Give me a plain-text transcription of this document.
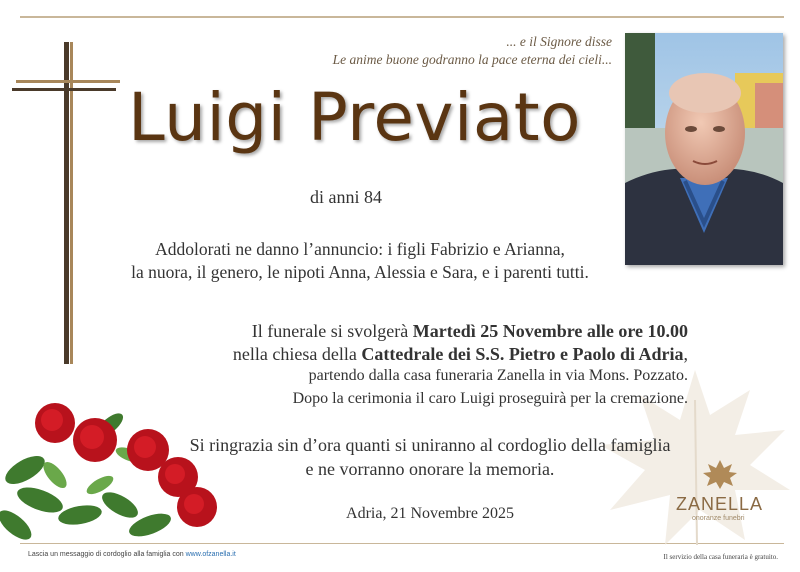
... e il Signore disse
Le anime buone godranno la pace eterna dei cieli...
Luigi Previato
di anni 84
Addolorati ne danno l’annuncio: i figli Fabrizio e Arianna,
la nuora, il genero, le nipoti Anna, Alessia e Sara, e i parenti tutti.
Il funerale si svolgerà Martedì 25 Novembre alle ore 10.00
nella chiesa della Cattedrale dei S.S. Pietro e Paolo di Adria,
partendo dalla casa funeraria Zanella in via Mons. Pozzato.
Dopo la cerimonia il caro Luigi proseguirà per la cremazione.
Si ringrazia sin d’ora quanti si uniranno al cordoglio della famiglia
e ne vorranno onorare la memoria.
Adria, 21 Novembre 2025	ZANELLA
onoranze funebri
Lascia un messaggio di cordoglio alla famiglia con www.ofzanella.it	Il servizio della casa funeraria è gratuito.
